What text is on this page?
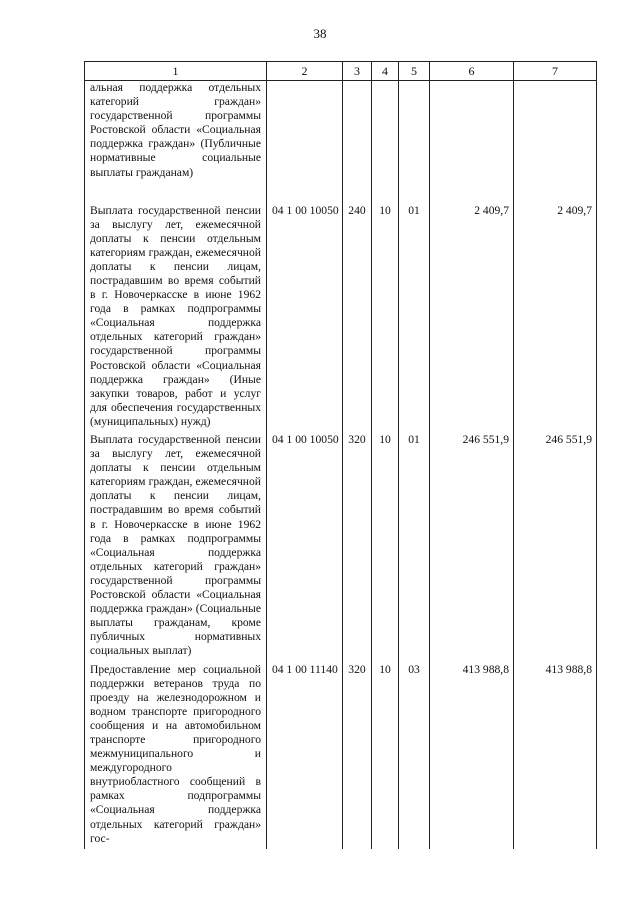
38
1	2	3	4	5	6	7
альная поддержка отдельных категорий граждан» государственной программы Ростовской области «Социальная поддержка граждан» (Публичные нормативные социальные выплаты гражданам)						
Выплата государственной пенсии за выслугу лет, ежемесячной доплаты к пенсии отдельным категориям граждан, ежемесячной доплаты к пенсии лицам, пострадавшим во время событий в г. Новочеркасске в июне 1962 года в рамках подпрограммы «Социальная поддержка отдельных категорий граждан» государственной программы Ростовской области «Социальная поддержка граждан» (Иные закупки товаров, работ и услуг для обеспечения государственных (муниципальных) нужд)	04 1 00 10050	240	10	01	2 409,7	2 409,7
Выплата государственной пенсии за выслугу лет, ежемесячной доплаты к пенсии отдельным категориям граждан, ежемесячной доплаты к пенсии лицам, пострадавшим во время событий в г. Новочеркасске в июне 1962 года в рамках подпрограммы «Социальная поддержка отдельных категорий граждан» государственной программы Ростовской области «Социальная поддержка граждан» (Социальные выплаты гражданам, кроме публичных нормативных социальных выплат)	04 1 00 10050	320	10	01	246 551,9	246 551,9
Предоставление мер социальной поддержки ветеранов труда по проезду на железнодорожном и водном транспорте пригородного сообщения и на автомобильном транспорте пригородного межмуниципального и междугородного внутриобластного сообщений в рамках подпрограммы «Социальная поддержка отдельных категорий граждан» гос-	04 1 00 11140	320	10	03	413 988,8	413 988,8
